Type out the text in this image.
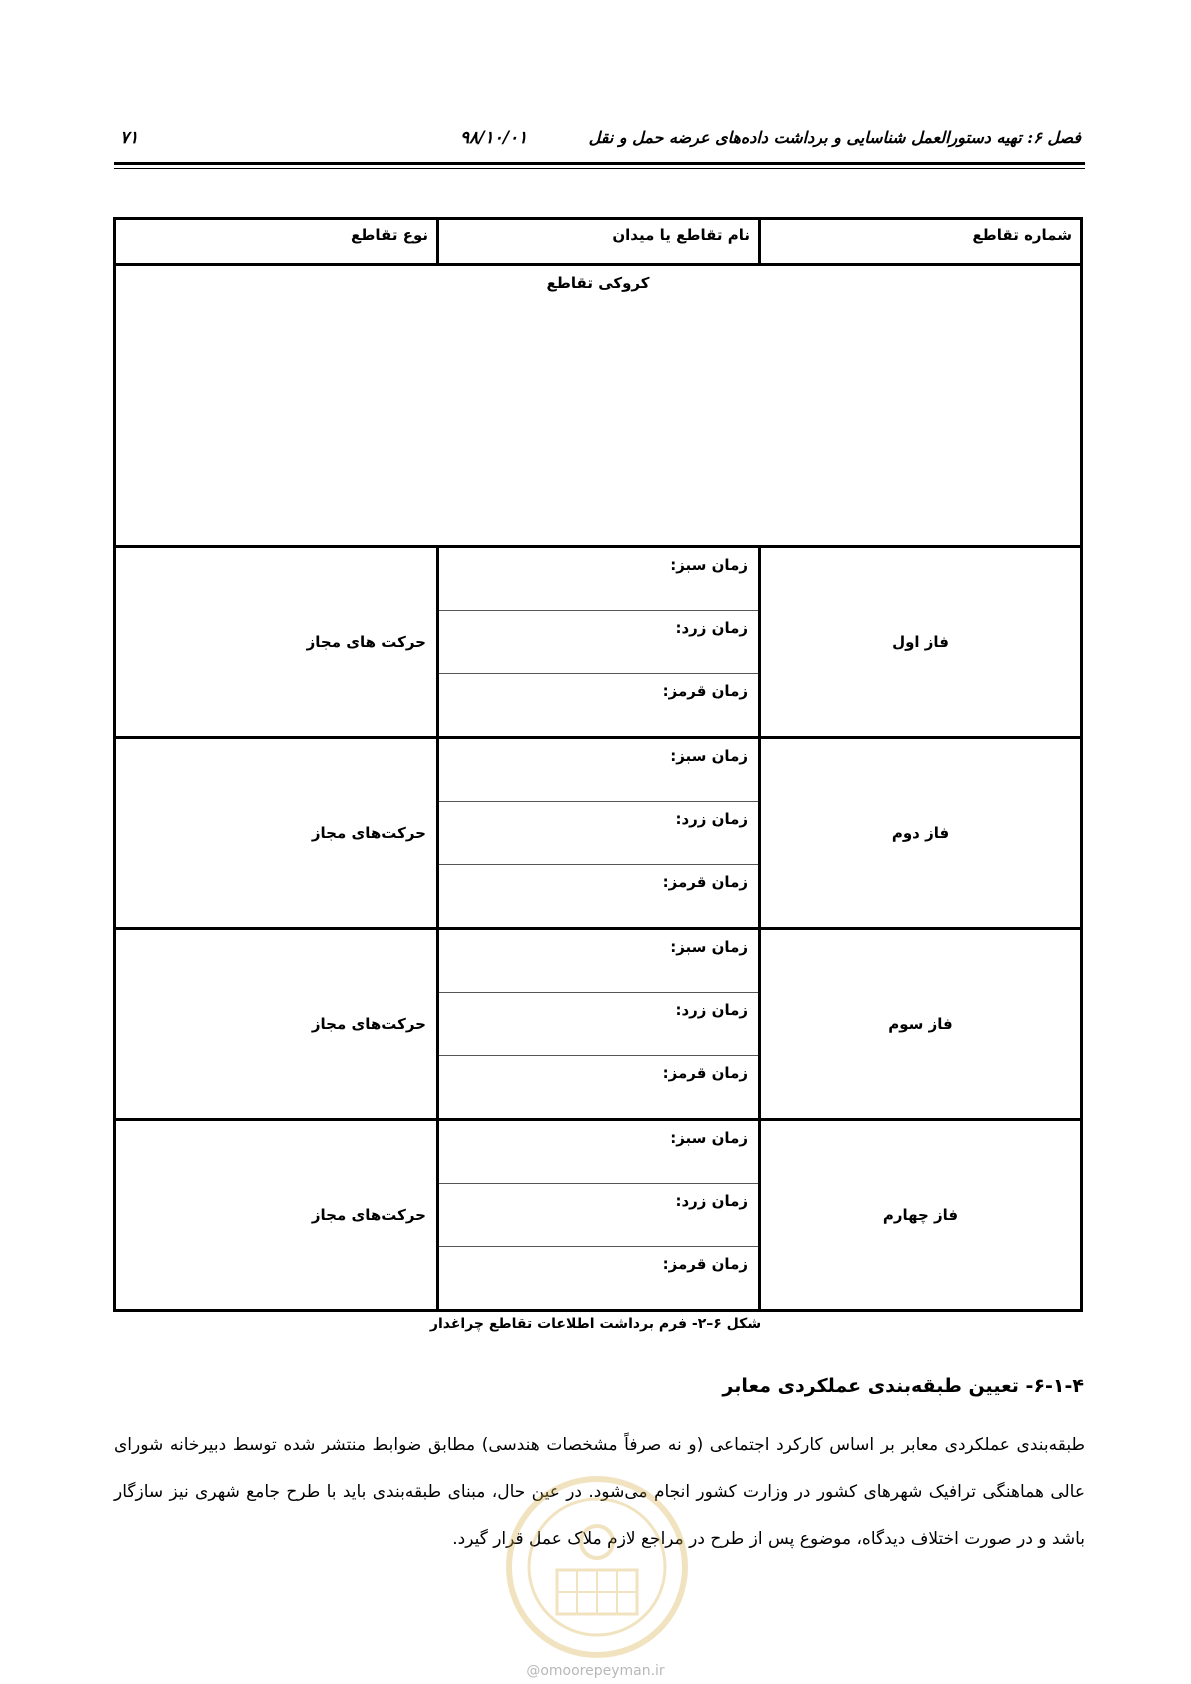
۷۱	۹۸/۱۰/۰۱	فصل ۶: تهیه دستورالعمل شناسایی و برداشت داده‌های عرضه حمل و نقل
شماره تقاطع	نام تقاطع یا میدان	نوع تقاطع
کروکی تقاطع		
فاز اول	زمان سبز:
زمان زرد:
زمان قرمز:	حرکت های مجاز
فاز دوم	زمان سبز:
زمان زرد:
زمان قرمز:	حرکت‌های مجاز
فاز سوم	زمان سبز:
زمان زرد:
زمان قرمز:	حرکت‌های مجاز
فاز چهارم	زمان سبز:
زمان زرد:
زمان قرمز:	حرکت‌های مجاز
شکل ۶–۲- فرم برداشت اطلاعات تقاطع چراغدار
۶-۱-۴- تعیین طبقه‌بندی عملکردی معابر
طبقه‌بندی عملکردی معابر بر اساس کارکرد اجتماعی (و نه صرفاً مشخصات هندسی) مطابق ضوابط منتشر شده توسط دبیرخانه شورای عالی هماهنگی ترافیک شهرهای کشور در وزارت کشور انجام می‌شود. در عین حال، مبنای طبقه‌بندی باید با طرح جامع شهری نیز سازگار باشد و در صورت اختلاف دیدگاه، موضوع پس از طرح در مراجع لازم ملاک عمل قرار گیرد.
@omoorepeyman.ir
